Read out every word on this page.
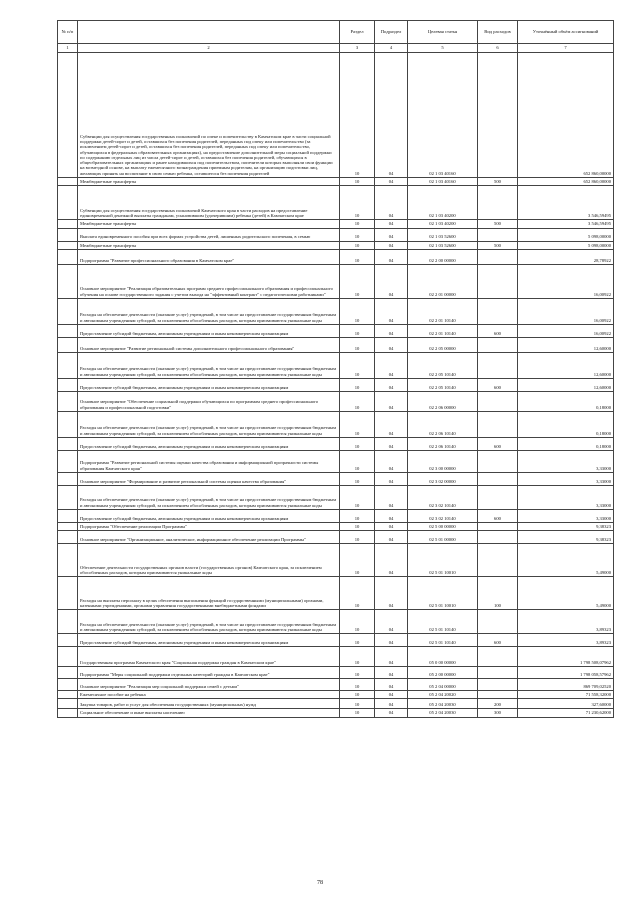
№ п/п		Раздел	Подраздел	Целевая статья	Вид расходов	Уточнённый объём ассигнований
1	2	3	4	5	6	7
	Субвенции для осуществления государственных полномочий по опеке и попечительству в Камчатском крае в части социальной поддержки детей-сирот и детей, оставшихся без попечения родителей, переданных под опеку или попечительство (за исключением детей-сирот и детей, оставшихся без попечения родителей, переданных под опеку или попечительство, обучающихся в федеральных образовательных организациях), на предоставление дополнительной меры социальной поддержки по содержанию отдельных лиц из числа детей-сирот и детей, оставшихся без попечения родителей, обучающихся в общеобразовательных организациях и ранее находившихся под попечительством, попечители которых выполняли свои функции на возмездной основе, на выплату ежемесячного вознаграждения приемным родителям, на организацию подготовки лиц, желающих принять на воспитание в свою семью ребенка, оставшегося без попечения родителей	10	04	02 1 03 40160		652 860,00000
	Межбюджетные трансферты	10	04	02 1 03 40160	500	652 860,00000
	Субвенции для осуществления государственных полномочий Камчатского края в части расходов на предоставление единовременной денежной выплаты гражданам, усыновившим (удочерившим) ребенка (детей) в Камчатском крае	10	04	02 1 03 40200		3 546,59495
	Межбюджетные трансферты	10	04	02 1 03 40200	500	3 546,59495
	Выплата единовременного пособия при всех формах устройства детей, лишенных родительского попечения, в семью	10	04	02 1 03 52600		5 098,00000
	Межбюджетные трансферты	10	04	02 1 03 52600	500	5 098,00000
	Подпрограмма "Развитие профессионального образования в Камчатском крае"	10	04	02 2 00 00000		28,78922
	Основное мероприятие "Реализация образовательных программ среднего профессионального образования и профессионального обучения на основе государственного задания с учетом выхода на "эффективный контракт" с педагогическими работниками"	10	04	02 2 01 00000		16,00922
	Расходы на обеспечение деятельности (оказание услуг) учреждений, в том числе на предоставление государственным бюджетным и автономным учреждениям субсидий, за исключением обособленных расходов, которым присваиваются уникальные коды	10	04	02 2 01 10140		16,00922
	Предоставление субсидий бюджетным, автономным учреждениям и иным некоммерческим организациям	10	04	02 2 01 10140	600	16,00922
	Основное мероприятие "Развитие региональной системы дополнительного профессионального образования"	10	04	02 2 05 00000		12,60000
	Расходы на обеспечение деятельности (оказание услуг) учреждений, в том числе на предоставление государственным бюджетным и автономным учреждениям субсидий, за исключением обособленных расходов, которым присваиваются уникальные коды	10	04	02 2 05 10140		12,60000
	Предоставление субсидий бюджетным, автономным учреждениям и иным некоммерческим организациям	10	04	02 2 05 10140	600	12,60000
	Основное мероприятие "Обеспечение социальной поддержки обучающихся по программам среднего профессионального образования и профессиональной подготовки"	10	04	02 2 06 00000		0,18000
	Расходы на обеспечение деятельности (оказание услуг) учреждений, в том числе на предоставление государственным бюджетным и автономным учреждениям субсидий, за исключением обособленных расходов, которым присваиваются уникальные коды	10	04	02 2 06 10140		0,18000
	Предоставление субсидий бюджетным, автономным учреждениям и иным некоммерческим организациям	10	04	02 2 06 10140	600	0,18000
	Подпрограмма "Развитие региональной системы оценки качества образования и информационной прозрачности системы образования Камчатского края"	10	04	02 3 00 00000		3,33000
	Основное мероприятие "Формирование и развитие региональной системы оценки качества образования"	10	04	02 3 02 00000		3,33000
	Расходы на обеспечение деятельности (оказание услуг) учреждений, в том числе на предоставление государственным бюджетным и автономным учреждениям субсидий, за исключением обособленных расходов, которым присваиваются уникальные коды	10	04	02 3 02 10140		3,33000
	Предоставление субсидий бюджетным, автономным учреждениям и иным некоммерческим организациям	10	04	02 3 02 10140	600	3,33000
	Подпрограмма "Обеспечение реализации Программы"	10	04	02 5 00 00000		9,38323
	Основное мероприятие "Организационное, аналитическое, информационное обеспечение реализации Программы"	10	04	02 5 01 00000		9,38323
	Обеспечение деятельности государственных органов власти (государственных органов) Камчатского края, за исключением обособленных расходов, которым присваиваются уникальные коды	10	04	02 5 01 10010		5,49000
	Расходы на выплаты персоналу в целях обеспечения выполнения функций государственными (муниципальными) органами, казенными учреждениями, органами управления государственными внебюджетными фондами	10	04	02 5 01 10010	100	5,49000
	Расходы на обеспечение деятельности (оказание услуг) учреждений, в том числе на предоставление государственным бюджетным и автономным учреждениям субсидий, за исключением обособленных расходов, которым присваиваются уникальные коды	10	04	02 5 01 10140		3,89323
	Предоставление субсидий бюджетным, автономным учреждениям и иным некоммерческим организациям	10	04	02 5 01 10140	600	3,89323
	Государственная программа Камчатского края "Социальная поддержка граждан в Камчатском крае"	10	04	05 0 00 00000		1 798 508,07962
	Подпрограмма "Меры социальной поддержки отдельных категорий граждан в Камчатском крае"	10	04	05 2 00 00000		1 798 058,57962
	Основное мероприятие "Реализация мер социальной поддержки семей с детьми"	10	04	05 2 04 00000		869 709,02520
	Ежемесячное пособие на ребенка	10	04	05 2 04 20020		71 558,32000
	Закупка товаров, работ и услуг для обеспечения государственных (муниципальных) нужд	10	04	05 2 04 20030	200	327,60000
	Социальное обеспечение и иные выплаты населению	10	04	05 2 04 20030	300	71 230,62000
78
